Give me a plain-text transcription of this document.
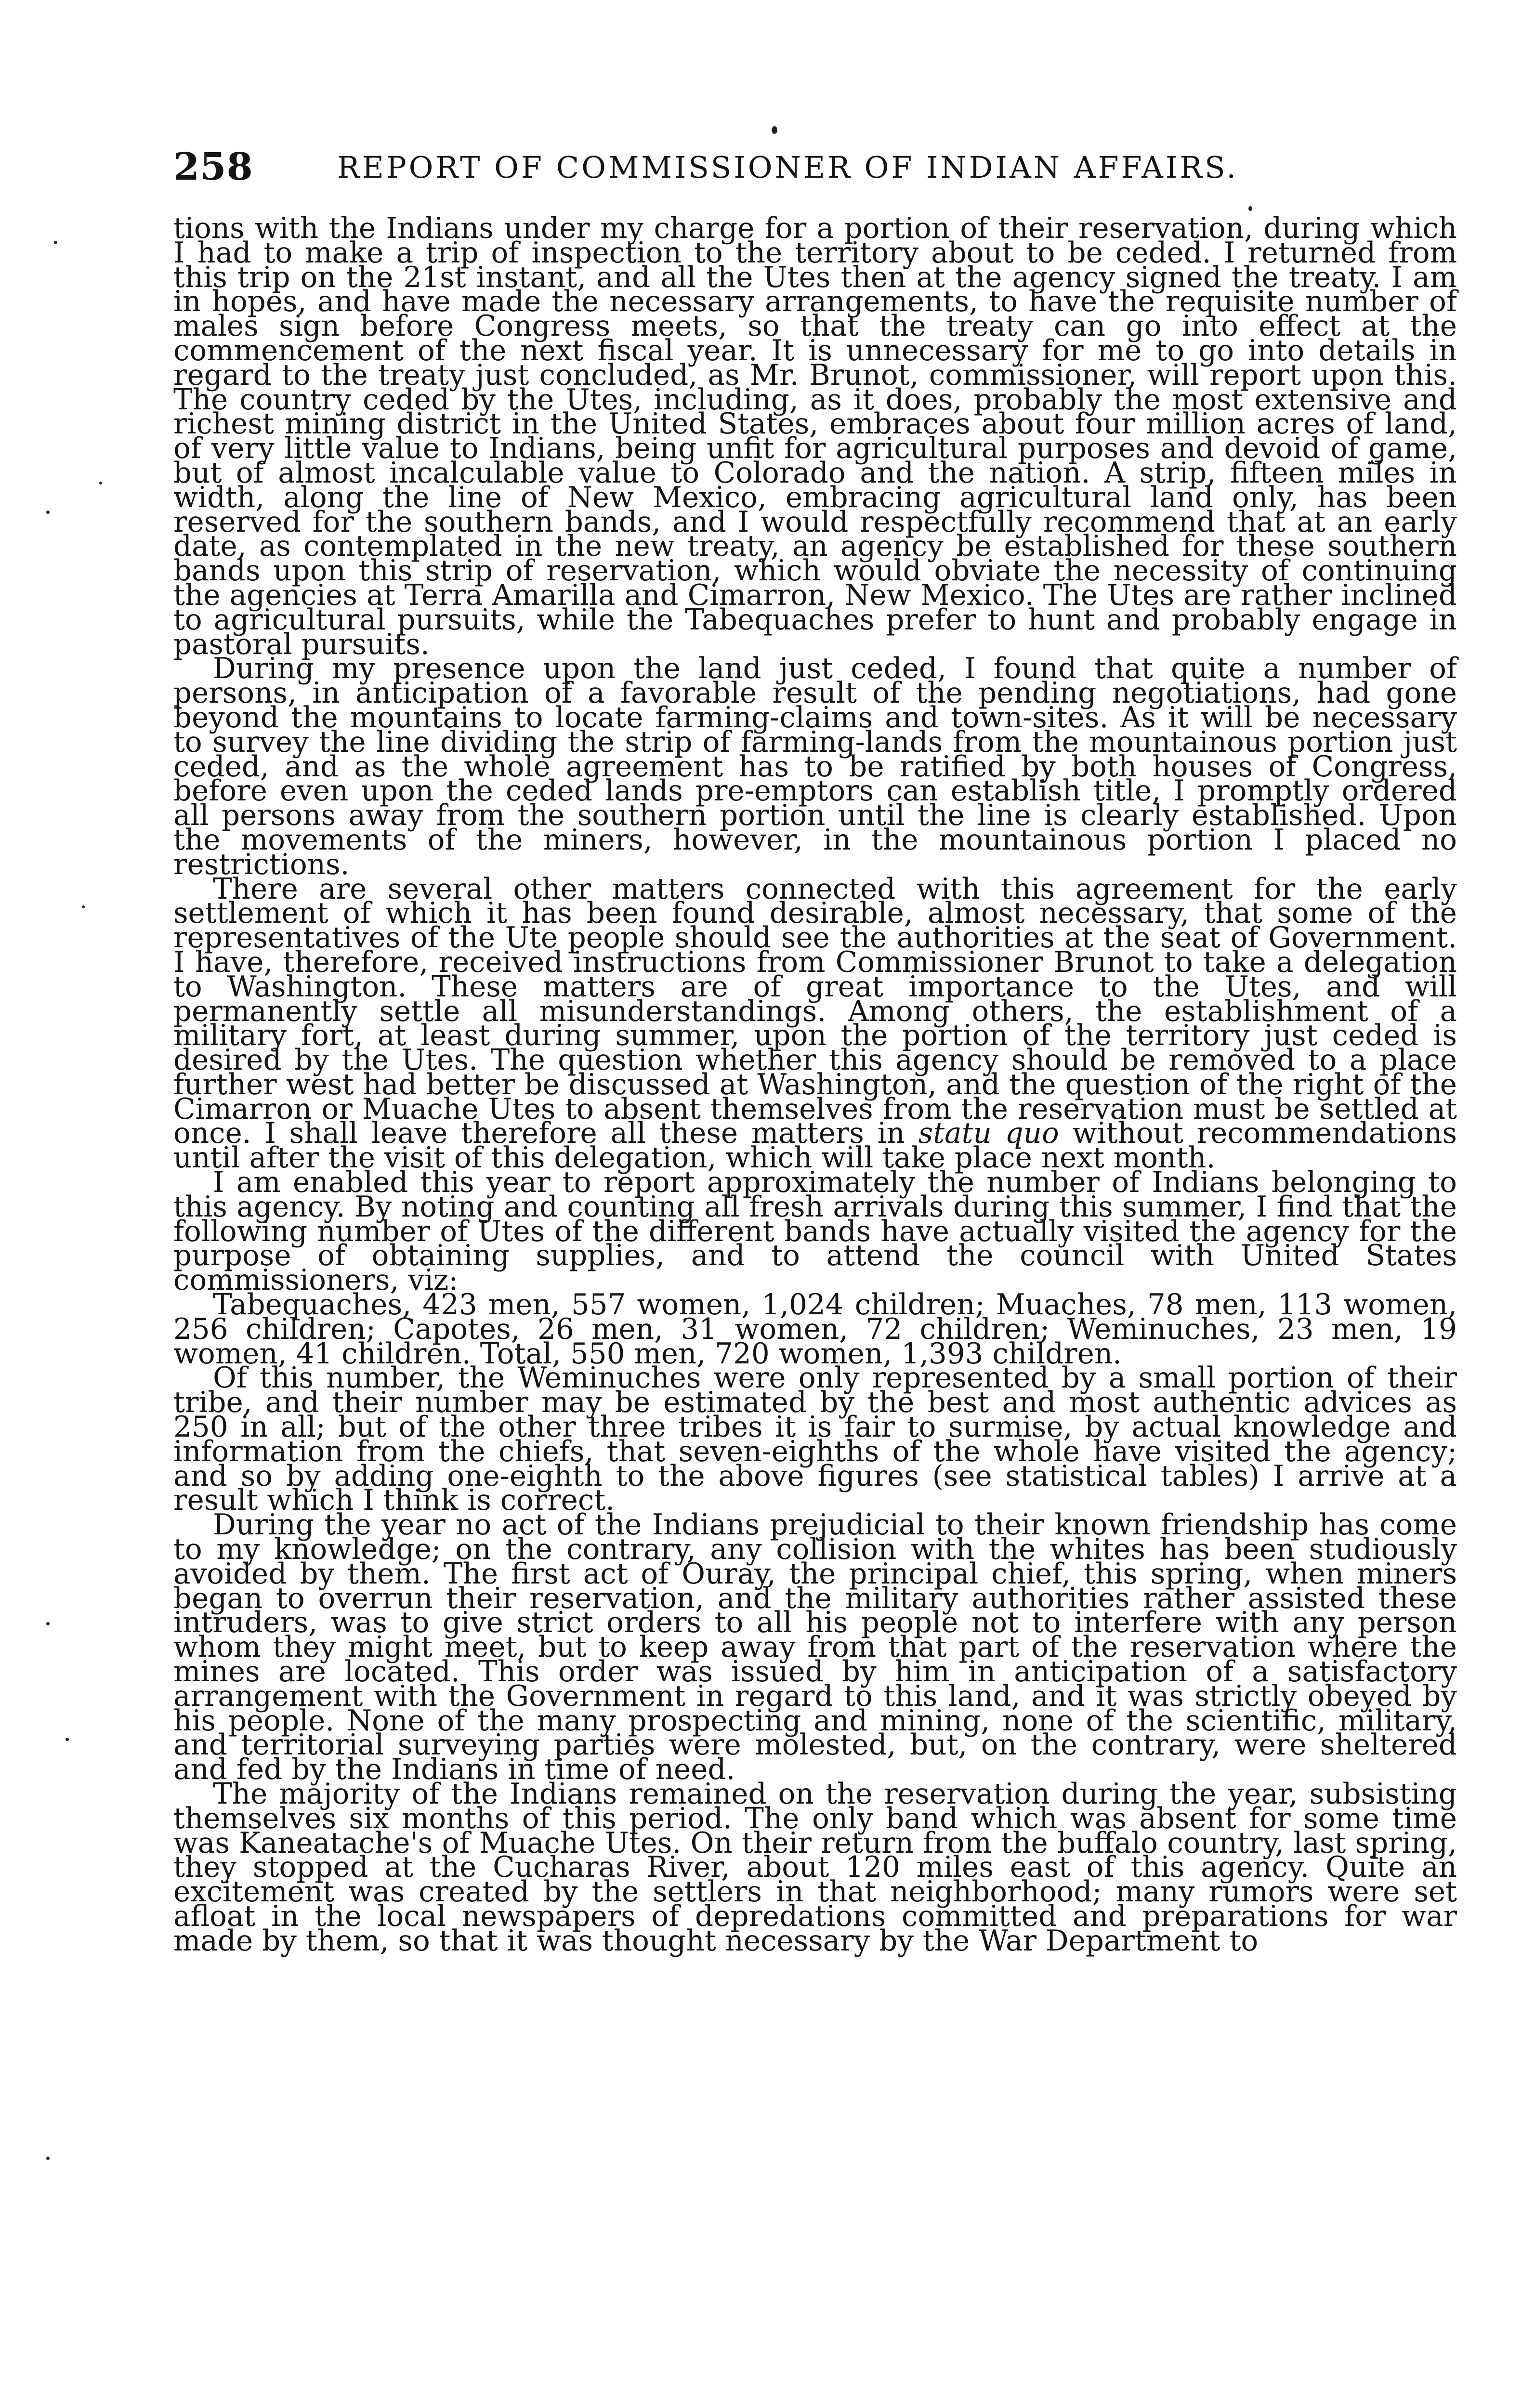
258	REPORT OF COMMISSIONER OF INDIAN AFFAIRS.

tions with the Indians under my charge for a portion of their reservation, during which I had to make a trip of inspection to the territory about to be ceded. I returned from this trip on the 21st instant, and all the Utes then at the agency signed the treaty. I am in hopes, and have made the necessary arrangements, to have the requisite number of males sign before Congress meets, so that the treaty can go into effect at the commencement of the next fiscal year. It is unnecessary for me to go into details in regard to the treaty just concluded, as Mr. Brunot, commissioner, will report upon this. The country ceded by the Utes, including, as it does, probably the most extensive and richest mining district in the United States, embraces about four million acres of land, of very little value to Indians, being unfit for agricultural purposes and devoid of game, but of almost incalculable value to Colorado and the nation. A strip, fifteen miles in width, along the line of New Mexico, embracing agricultural land only, has been reserved for the southern bands, and I would respectfully recommend that at an early date, as contemplated in the new treaty, an agency be established for these southern bands upon this strip of reservation, which would obviate the necessity of continuing the agencies at Terra Amarilla and Cimarron, New Mexico. The Utes are rather inclined to agricultural pursuits, while the Tabequaches prefer to hunt and probably engage in pastoral pursuits.

During my presence upon the land just ceded, I found that quite a number of persons, in anticipation of a favorable result of the pending negotiations, had gone beyond the mountains to locate farming-claims and town-sites. As it will be necessary to survey the line dividing the strip of farming-lands from the mountainous portion just ceded, and as the whole agreement has to be ratified by both houses of Congress, before even upon the ceded lands pre-emptors can establish title, I promptly ordered all persons away from the southern portion until the line is clearly established. Upon the movements of the miners, however, in the mountainous portion I placed no restrictions.

There are several other matters connected with this agreement for the early settlement of which it has been found desirable, almost necessary, that some of the representatives of the Ute people should see the authorities at the seat of Government. I have, therefore, received instructions from Commissioner Brunot to take a delegation to Washington. These matters are of great importance to the Utes, and will permanently settle all misunderstandings. Among others, the establishment of a military fort, at least during summer, upon the portion of the territory just ceded is desired by the Utes. The question whether this agency should be removed to a place further west had better be discussed at Washington, and the question of the right of the Cimarron or Muache Utes to absent themselves from the reservation must be settled at once. I shall leave therefore all these matters in statu quo without recommendations until after the visit of this delegation, which will take place next month.

I am enabled this year to report approximately the number of Indians belonging to this agency. By noting and counting all fresh arrivals during this summer, I find that the following number of Utes of the different bands have actually visited the agency for the purpose of obtaining supplies, and to attend the council with United States commissioners, viz:

Tabequaches, 423 men, 557 women, 1,024 children; Muaches, 78 men, 113 women, 256 children; Capotes, 26 men, 31 women, 72 children; Weminuches, 23 men, 19 women, 41 children. Total, 550 men, 720 women, 1,393 children.

Of this number, the Weminuches were only represented by a small portion of their tribe, and their number may be estimated by the best and most authentic advices as 250 in all; but of the other three tribes it is fair to surmise, by actual knowledge and information from the chiefs, that seven-eighths of the whole have visited the agency; and so by adding one-eighth to the above figures (see statistical tables) I arrive at a result which I think is correct.

During the year no act of the Indians prejudicial to their known friendship has come to my knowledge; on the contrary, any collision with the whites has been studiously avoided by them. The first act of Ouray, the principal chief, this spring, when miners began to overrun their reservation, and the military authorities rather assisted these intruders, was to give strict orders to all his people not to interfere with any person whom they might meet, but to keep away from that part of the reservation where the mines are located. This order was issued by him in anticipation of a satisfactory arrangement with the Government in regard to this land, and it was strictly obeyed by his people. None of the many prospecting and mining, none of the scientific, military, and territorial surveying parties were molested, but, on the contrary, were sheltered and fed by the Indians in time of need.

The majority of the Indians remained on the reservation during the year, subsisting themselves six months of this period. The only band which was absent for some time was Kaneatache's of Muache Utes. On their return from the buffalo country, last spring, they stopped at the Cucharas River, about 120 miles east of this agency. Quite an excitement was created by the settlers in that neighborhood; many rumors were set afloat in the local newspapers of depredations committed and preparations for war made by them, so that it was thought necessary by the War Department to
